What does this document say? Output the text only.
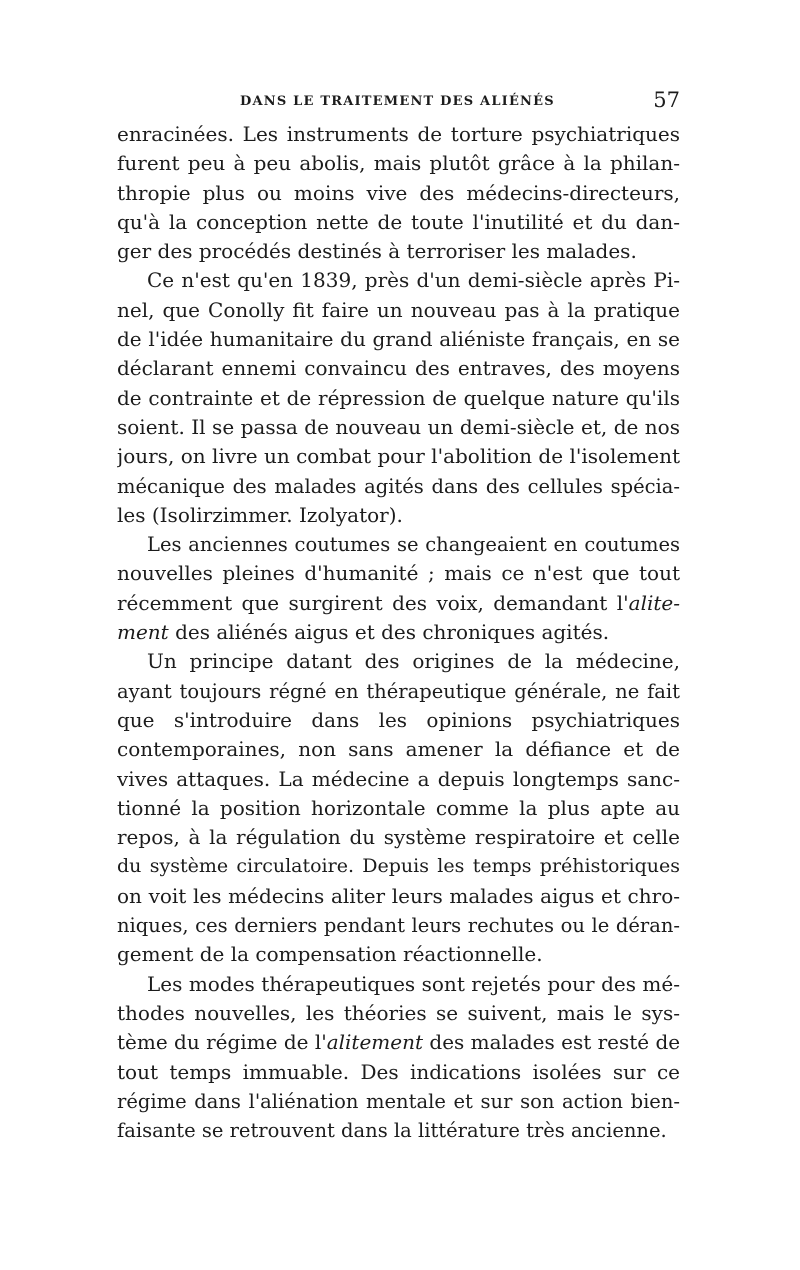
DANS LE TRAITEMENT DES ALIÉNÉS	57
enracinées. Les instruments de torture psychiatriques
furent peu à peu abolis, mais plutôt grâce à la philan-
thropie plus ou moins vive des médecins-directeurs,
qu'à la conception nette de toute l'inutilité et du dan-
ger des procédés destinés à terroriser les malades.
Ce n'est qu'en 1839, près d'un demi-siècle après Pi-
nel, que Conolly fit faire un nouveau pas à la pratique
de l'idée humanitaire du grand aliéniste français, en se
déclarant ennemi convaincu des entraves, des moyens
de contrainte et de répression de quelque nature qu'ils
soient. Il se passa de nouveau un demi-siècle et, de nos
jours, on livre un combat pour l'abolition de l'isolement
mécanique des malades agités dans des cellules spécia-
les (Isolirzimmer. Izolyator).
Les anciennes coutumes se changeaient en coutumes
nouvelles pleines d'humanité ; mais ce n'est que tout
récemment que surgirent des voix, demandant l'alite-
ment des aliénés aigus et des chroniques agités.
Un principe datant des origines de la médecine,
ayant toujours régné en thérapeutique générale, ne fait
que s'introduire dans les opinions psychiatriques
contemporaines, non sans amener la défiance et de
vives attaques. La médecine a depuis longtemps sanc-
tionné la position horizontale comme la plus apte au
repos, à la régulation du système respiratoire et celle
du système circulatoire. Depuis les temps préhistoriques
on voit les médecins aliter leurs malades aigus et chro-
niques, ces derniers pendant leurs rechutes ou le déran-
gement de la compensation réactionnelle.
Les modes thérapeutiques sont rejetés pour des mé-
thodes nouvelles, les théories se suivent, mais le sys-
tème du régime de l'alitement des malades est resté de
tout temps immuable. Des indications isolées sur ce
régime dans l'aliénation mentale et sur son action bien-
faisante se retrouvent dans la littérature très ancienne.
